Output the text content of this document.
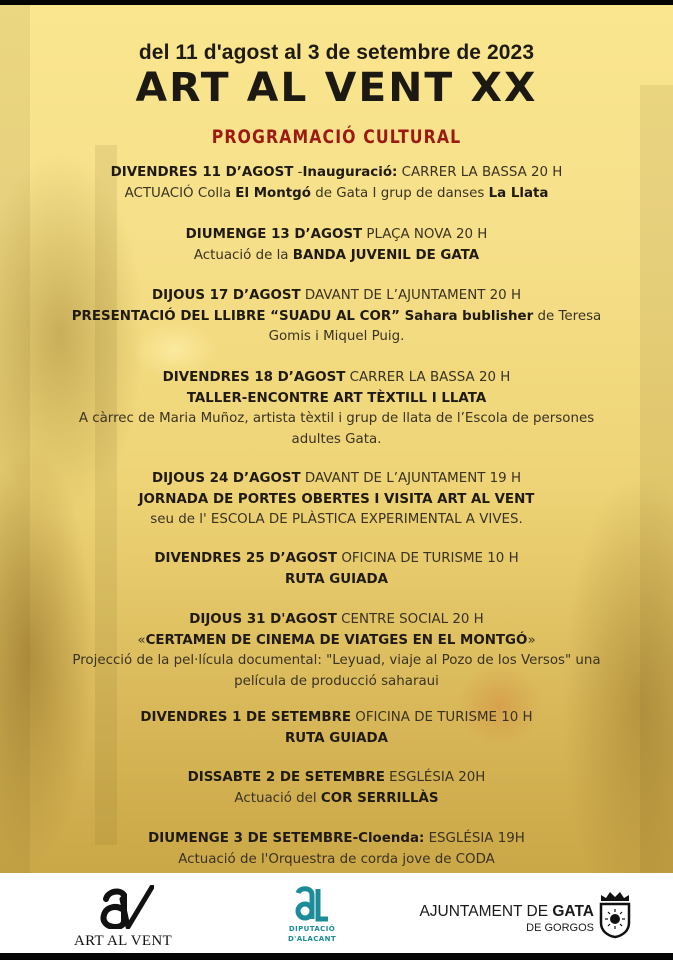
del 11 d'agost al 3 de setembre de 2023
ART AL VENT XX
PROGRAMACIÓ CULTURAL
DIVENDRES 11 D’AGOST -Inauguració: CARRER LA BASSA 20 H
ACTUACIÓ Colla El Montgó de Gata I grup de danses La Llata
DIUMENGE 13 D’AGOST PLAÇA NOVA 20 H
Actuació de la BANDA JUVENIL DE GATA
DIJOUS 17 D’AGOST DAVANT DE L’AJUNTAMENT 20 H
PRESENTACIÓ DEL LLIBRE “SUADU AL COR” Sahara bublisher de Teresa
Gomis i Miquel Puig.
DIVENDRES 18 D’AGOST CARRER LA BASSA 20 H
TALLER-ENCONTRE ART TÈXTILL I LLATA
A càrrec de Maria Muñoz, artista tèxtil i grup de llata de l’Escola de persones
adultes Gata.
DIJOUS 24 D’AGOST DAVANT DE L’AJUNTAMENT 19 H
JORNADA DE PORTES OBERTES I VISITA ART AL VENT
seu de l' ESCOLA DE PLÀSTICA EXPERIMENTAL A VIVES.
DIVENDRES 25 D’AGOST OFICINA DE TURISME 10 H
RUTA GUIADA
DIJOUS 31 D'AGOST CENTRE SOCIAL 20 H
«CERTAMEN DE CINEMA DE VIATGES EN EL MONTGÓ»
Projecció de la pel·lícula documental: "Leyuad, viaje al Pozo de los Versos" una
película de producció saharaui
DIVENDRES 1 DE SETEMBRE OFICINA DE TURISME 10 H
RUTA GUIADA
DISSABTE 2 DE SETEMBRE ESGLÉSIA 20H
Actuació del COR SERRILLÀS
DIUMENGE 3 DE SETEMBRE-Cloenda: ESGLÉSIA 19H
Actuació de l'Orquestra de corda jove de CODA
ART AL VENT
DIPUTACIÓ
D'ALACANT
AJUNTAMENT DE GATA
DE GORGOS
